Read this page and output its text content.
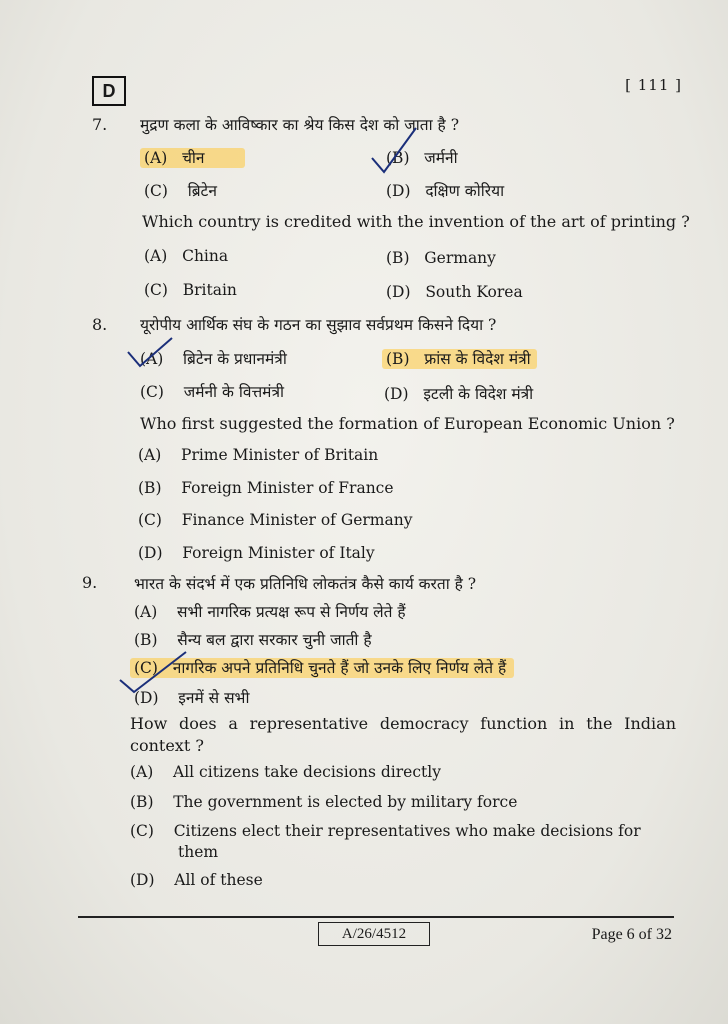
D	[ 111 ]
7. मुद्रण कला के आविष्कार का श्रेय किस देश को जाता है ?
(A) चीन	(B) जर्मनी
(C) ब्रिटेन	(D) दक्षिण कोरिया
Which country is credited with the invention of the art of printing ?
(A) China	(B) Germany
(C) Britain	(D) South Korea
8. यूरोपीय आर्थिक संघ के गठन का सुझाव सर्वप्रथम किसने दिया ?
(A) ब्रिटेन के प्रधानमंत्री	(B) फ्रांस के विदेश मंत्री
(C) जर्मनी के वित्तमंत्री	(D) इटली के विदेश मंत्री
Who first suggested the formation of European Economic Union ?
(A) Prime Minister of Britain
(B) Foreign Minister of France
(C) Finance Minister of Germany
(D) Foreign Minister of Italy
9. भारत के संदर्भ में एक प्रतिनिधि लोकतंत्र कैसे कार्य करता है ?
(A) सभी नागरिक प्रत्यक्ष रूप से निर्णय लेते हैं
(B) सैन्य बल द्वारा सरकार चुनी जाती है
(C) नागरिक अपने प्रतिनिधि चुनते हैं जो उनके लिए निर्णय लेते हैं
(D) इनमें से सभी
How does a representative democracy function in the Indian
context ?
(A) All citizens take decisions directly
(B) The government is elected by military force
(C) Citizens elect their representatives who make decisions for
them
(D) All of these
A/26/4512	Page 6 of 32
